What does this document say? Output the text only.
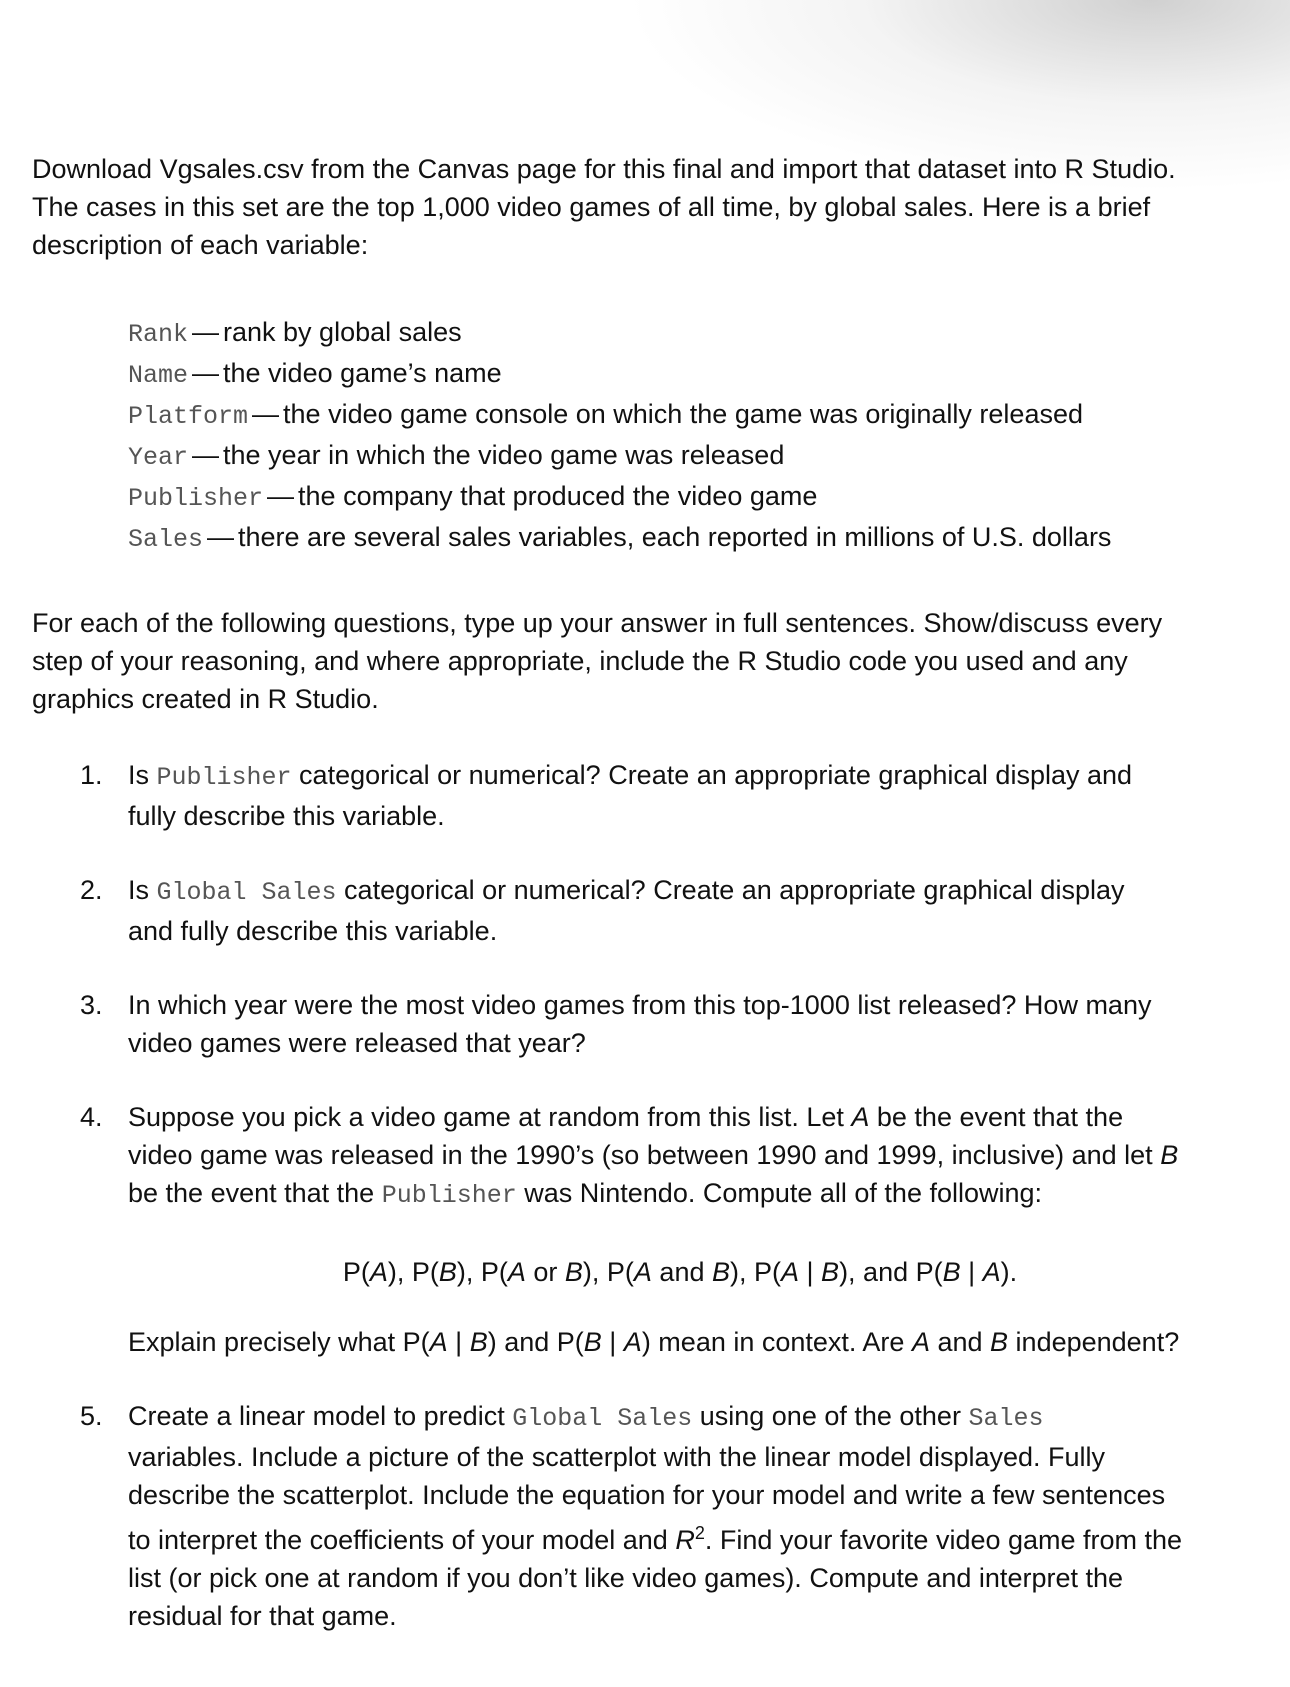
Download Vgsales.csv from the Canvas page for this final and import that dataset into R Studio.
The cases in this set are the top 1,000 video games of all time, by global sales. Here is a brief
description of each variable:

Rank — rank by global sales
Name — the video game’s name
Platform — the video game console on which the game was originally released
Year — the year in which the video game was released
Publisher — the company that produced the video game
Sales — there are several sales variables, each reported in millions of U.S. dollars

For each of the following questions, type up your answer in full sentences. Show/discuss every
step of your reasoning, and where appropriate, include the R Studio code you used and any
graphics created in R Studio.

1. Is Publisher categorical or numerical? Create an appropriate graphical display and
fully describe this variable.
2. Is Global Sales categorical or numerical? Create an appropriate graphical display
and fully describe this variable.
3. In which year were the most video games from this top-1000 list released? How many
video games were released that year?
4. Suppose you pick a video game at random from this list. Let A be the event that the
video game was released in the 1990’s (so between 1990 and 1999, inclusive) and let B
be the event that the Publisher was Nintendo. Compute all of the following:
P(A), P(B), P(A or B), P(A and B), P(A | B), and P(B | A).

Explain precisely what P(A | B) and P(B | A) mean in context. Are A and B independent?

5. Create a linear model to predict Global Sales using one of the other Sales
variables. Include a picture of the scatterplot with the linear model displayed. Fully
describe the scatterplot. Include the equation for your model and write a few sentences
to interpret the coefficients of your model and $R^2$. Find your favorite video game from the
list (or pick one at random if you don’t like video games). Compute and interpret the
residual for that game.
